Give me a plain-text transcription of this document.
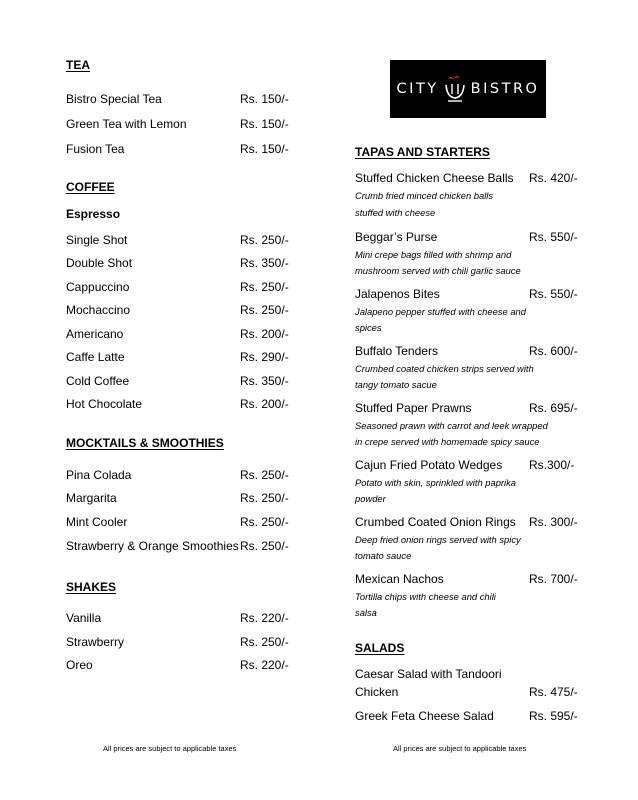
CITY BISTRO
TEA
Bistro Special Tea	Rs. 150/-
Green Tea with Lemon	Rs. 150/-
Fusion Tea	Rs. 150/-
COFFEE
Espresso
Single Shot	Rs. 250/-
Double Shot	Rs. 350/-
Cappuccino	Rs. 250/-
Mochaccino	Rs. 250/-
Americano	Rs. 200/-
Caffe Latte	Rs. 290/-
Cold Coffee	Rs. 350/-
Hot Chocolate	Rs. 200/-
MOCKTAILS & SMOOTHIES
Pina Colada	Rs. 250/-
Margarita	Rs. 250/-
Mint Cooler	Rs. 250/-
Strawberry & Orange Smoothies Rs. 250/-
SHAKES
Vanilla	Rs. 220/-
Strawberry	Rs. 250/-
Oreo	Rs. 220/-
All prices are subject to applicable taxes
TAPAS AND STARTERS
Stuffed Chicken Cheese Balls Rs. 420/-
Crumb fried minced chicken balls
stuffed with cheese
Beggar’s Purse	Rs. 550/-
Mini crepe bags filled with shrimp and
mushroom served with chili garlic sauce
Jalapenos Bites	Rs. 550/-
Jalapeno pepper stuffed with cheese and
spices
Buffalo Tenders	Rs. 600/-
Crumbed coated chicken strips served with
tangy tomato sacue
Stuffed Paper Prawns	Rs. 695/-
Seasoned prawn with carrot and leek wrapped
in crepe served with homemade spicy sauce
Cajun Fried Potato Wedges Rs.300/-
Potato with skin, sprinkled with paprika
powder
Crumbed Coated Onion Rings Rs. 300/-
Deep fried onion rings served with spicy
tomato sauce
Mexican Nachos	Rs. 700/-
Tortilla chips with cheese and chili
salsa
SALADS
Caesar Salad with Tandoori
Chicken	Rs. 475/-
Greek Feta Cheese Salad	Rs. 595/-
All prices are subject to applicable taxes
